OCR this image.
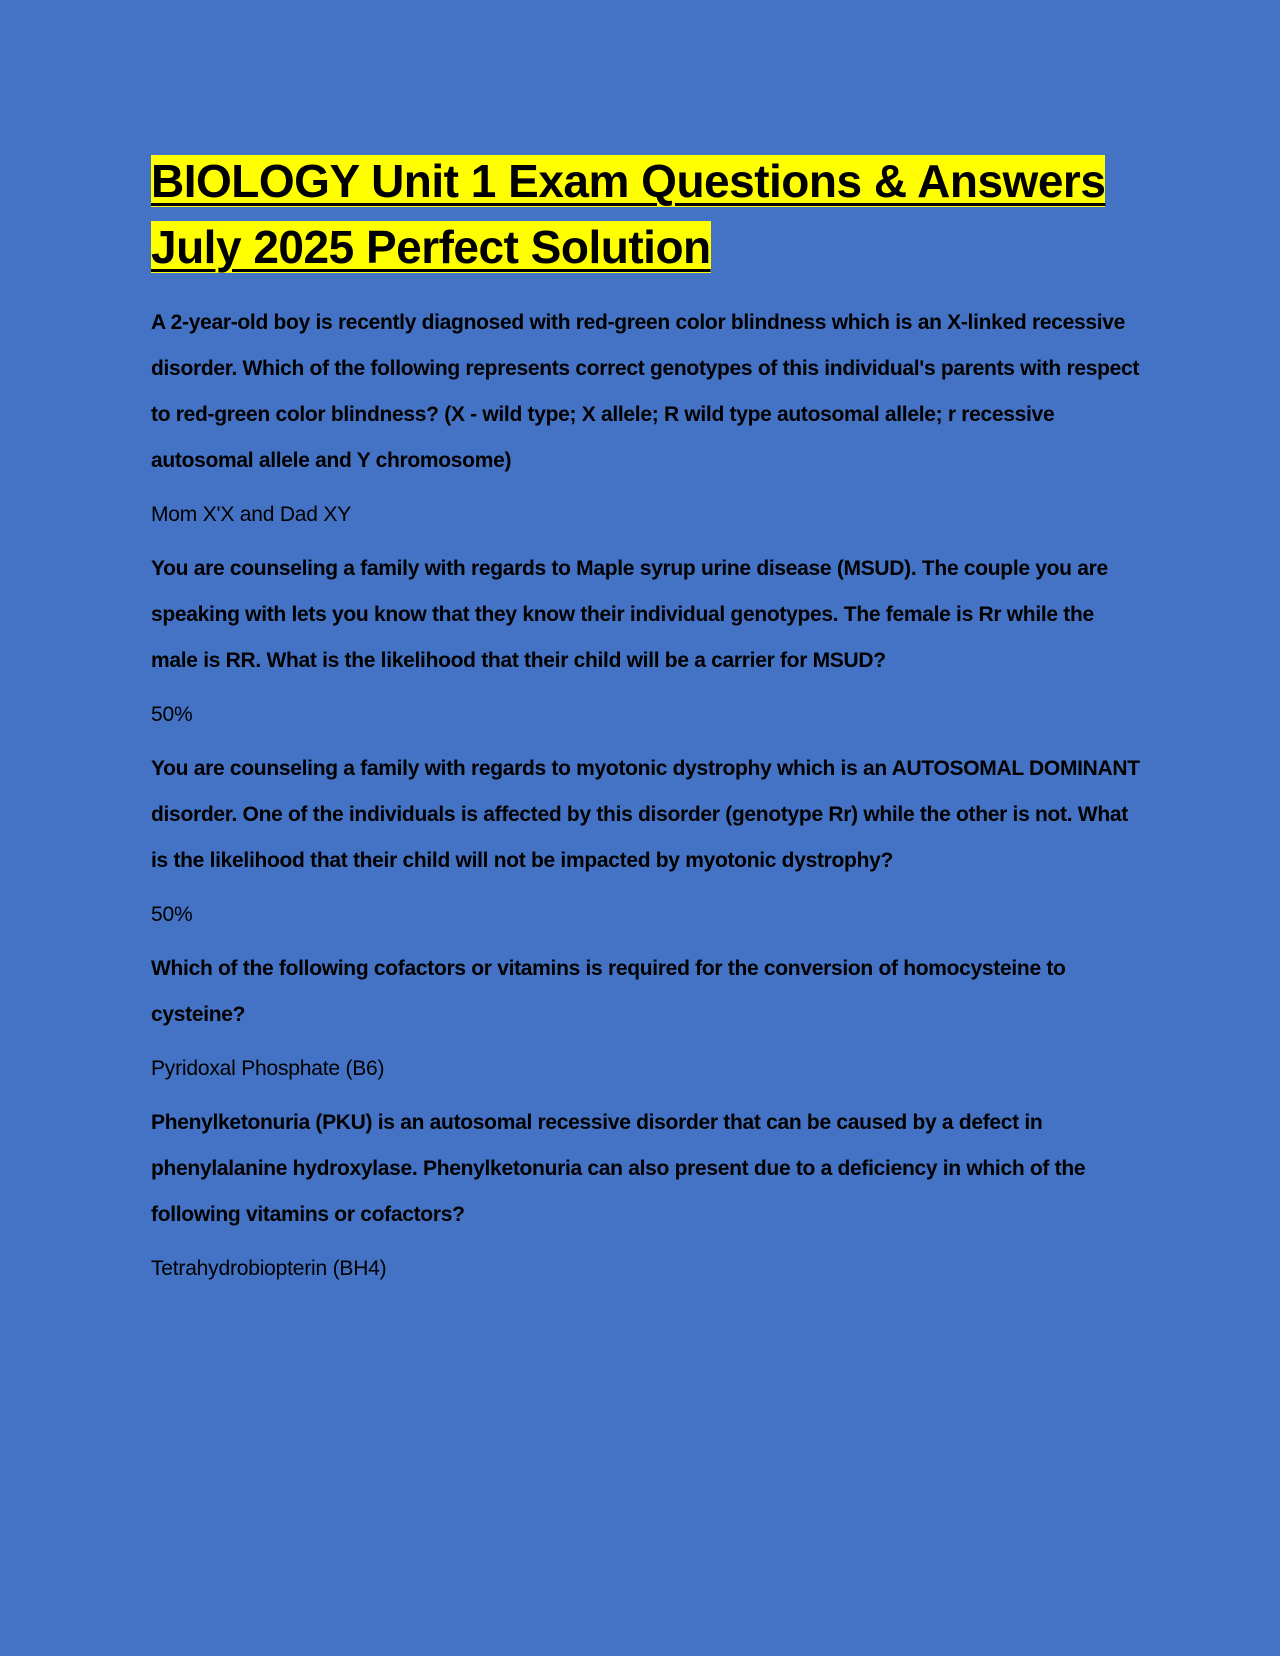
BIOLOGY Unit 1 Exam Questions & Answers July 2025 Perfect Solution

A 2-year-old boy is recently diagnosed with red-green color blindness which is an X-linked recessive disorder. Which of the following represents correct genotypes of this individual's parents with respect to red-green color blindness? (X - wild type; X allele; R wild type autosomal allele; r recessive autosomal allele and Y chromosome)

Mom X'X and Dad XY

You are counseling a family with regards to Maple syrup urine disease (MSUD). The couple you are speaking with lets you know that they know their individual genotypes. The female is Rr while the male is RR. What is the likelihood that their child will be a carrier for MSUD?

50%

You are counseling a family with regards to myotonic dystrophy which is an AUTOSOMAL DOMINANT disorder. One of the individuals is affected by this disorder (genotype Rr) while the other is not. What is the likelihood that their child will not be impacted by myotonic dystrophy?

50%

Which of the following cofactors or vitamins is required for the conversion of homocysteine to cysteine?

Pyridoxal Phosphate (B6)

Phenylketonuria (PKU) is an autosomal recessive disorder that can be caused by a defect in phenylalanine hydroxylase. Phenylketonuria can also present due to a deficiency in which of the following vitamins or cofactors?

Tetrahydrobiopterin (BH4)
